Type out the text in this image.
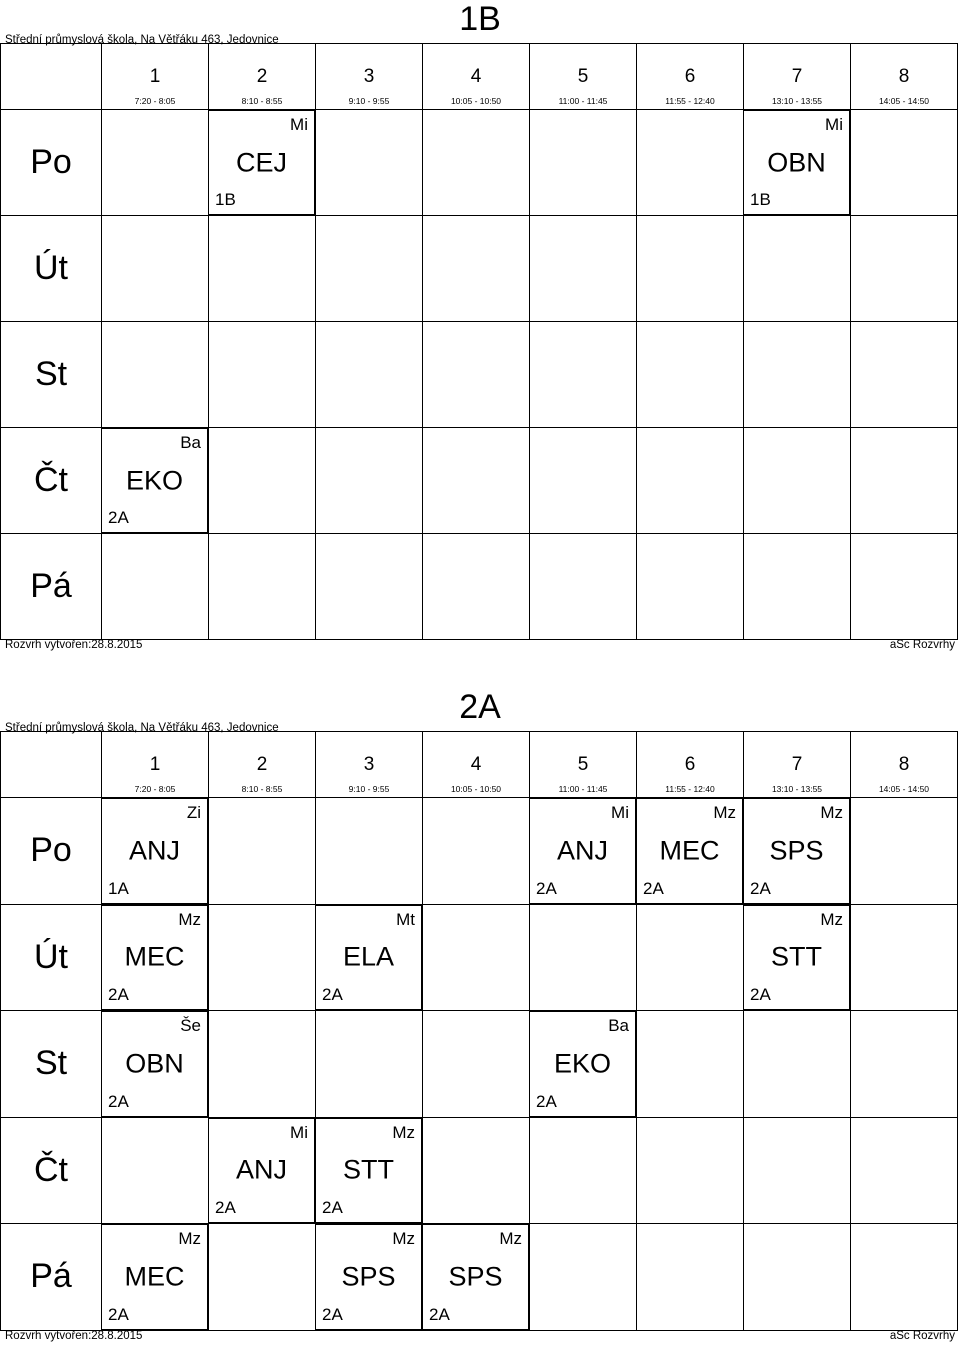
1B
Střední průmyslová škola, Na Větřáku 463, Jedovnice
1
7:20 - 8:05
2
8:10 - 8:55
3
9:10 - 9:55
4
10:05 - 10:50
5
11:00 - 11:45
6
11:55 - 12:40
7
13:10 - 13:55
8
14:05 - 14:50
Po
Mi
CEJ
1B
Mi
OBN
1B
Út
St
Čt
Ba
EKO
2A
Pá
Rozvrh vytvořen:28.8.2015	aSc Rozvrhy
2A
Střední průmyslová škola, Na Větřáku 463, Jedovnice
1
7:20 - 8:05
2
8:10 - 8:55
3
9:10 - 9:55
4
10:05 - 10:50
5
11:00 - 11:45
6
11:55 - 12:40
7
13:10 - 13:55
8
14:05 - 14:50
Po
Zi
ANJ
1A
Mi
ANJ
2A
Mz
MEC
2A
Mz
SPS
2A
Út
Mz
MEC
2A
Mt
ELA
2A
Mz
STT
2A
St
Še
OBN
2A
Ba
EKO
2A
Čt
Mi
ANJ
2A
Mz
STT
2A
Pá
Mz
MEC
2A
Mz
SPS
2A
Mz
SPS
2A
Rozvrh vytvořen:28.8.2015	aSc Rozvrhy
